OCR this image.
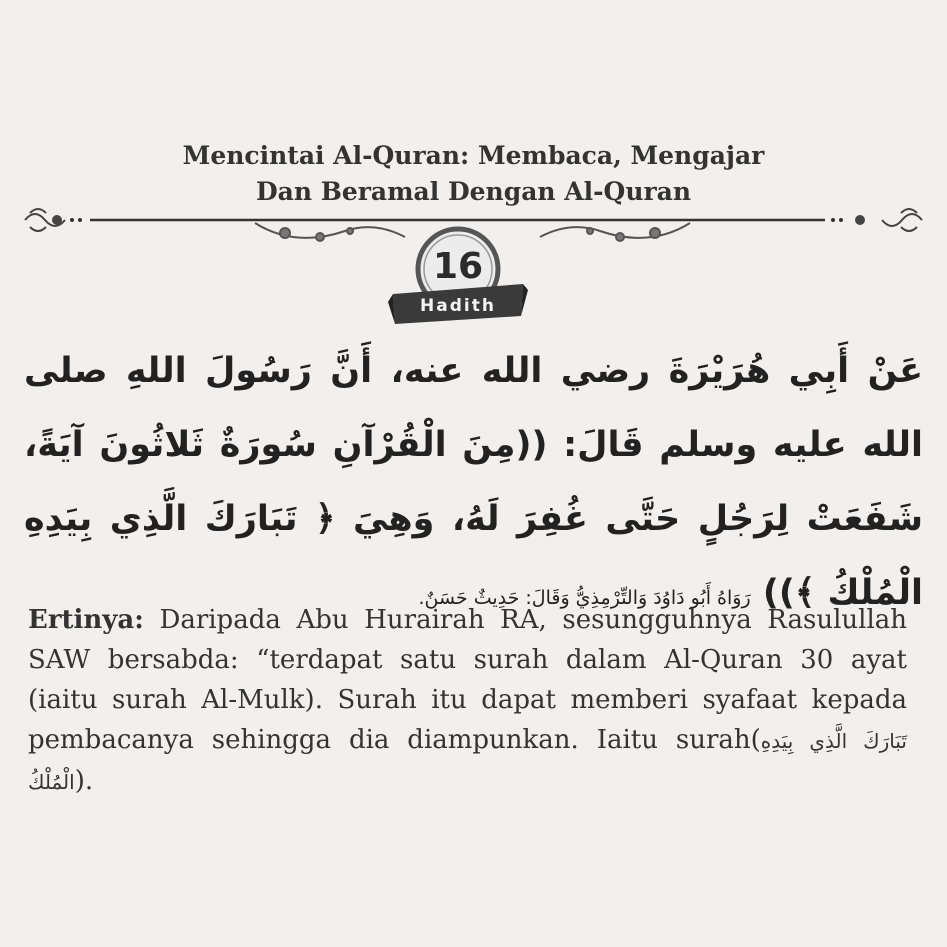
Mencintai Al-Quran: Membaca, Mengajar
Dan Beramal Dengan Al-Quran
16
Hadith
عَنْ أَبِي هُرَيْرَةَ رضي الله عنه، أَنَّ رَسُولَ اللهِ صلى الله عليه وسلم قَالَ: ((مِنَ الْقُرْآنِ سُورَةٌ ثَلاثُونَ آيَةً، شَفَعَتْ لِرَجُلٍ حَتَّى غُفِرَ لَهُ، وَهِيَ ﴿ تَبَارَكَ الَّذِي بِيَدِهِ الْمُلْكُ ﴾)) رَوَاهُ أَبُو دَاوُدَ وَالتِّرْمِذِيُّ وَقَالَ: حَدِيثٌ حَسَنٌ.
Ertinya: Daripada Abu Hurairah RA, sesungguhnya Rasulullah SAW bersabda: “terdapat satu surah dalam Al-Quran 30 ayat (iaitu surah Al-Mulk). Surah itu dapat memberi syafaat kepada pembacanya sehingga dia diampunkan. Iaitu surah(تَبَارَكَ الَّذِي بِيَدِهِ الْمُلْكُ).
